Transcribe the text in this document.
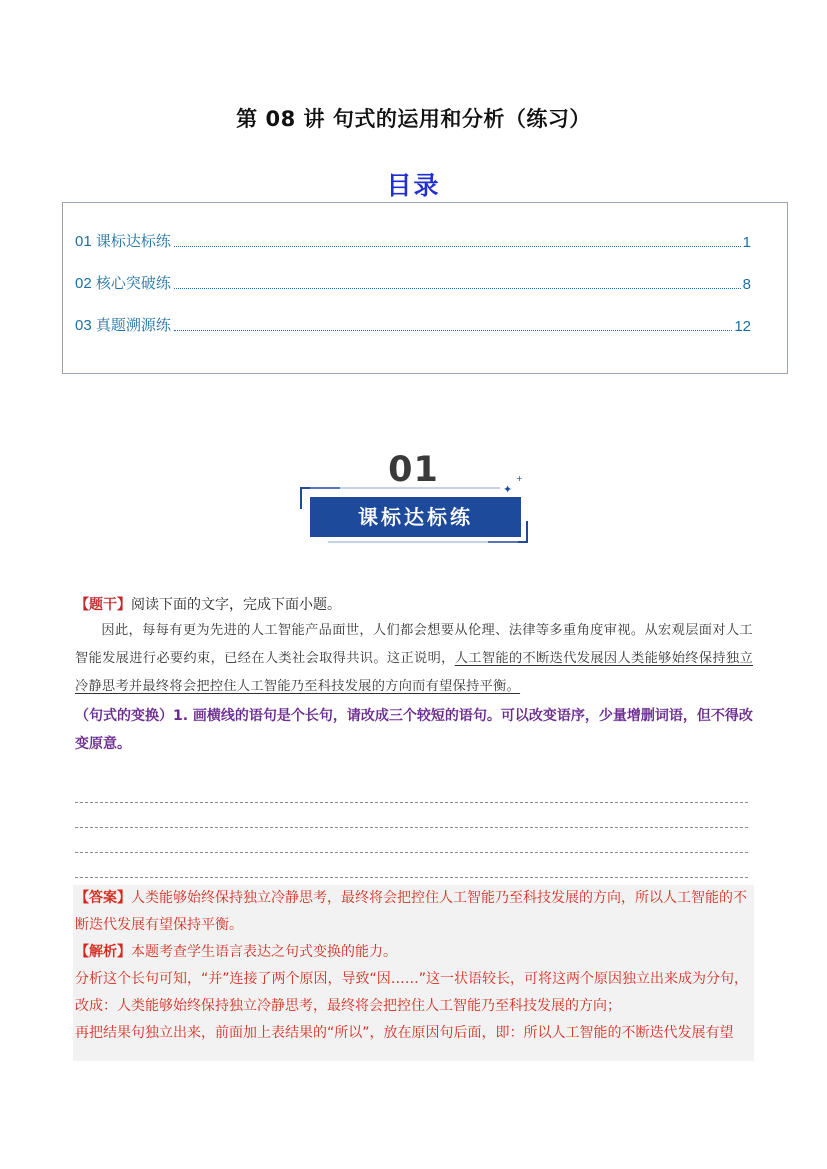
第 08 讲 句式的运用和分析（练习）
目录
01 课标达标练	1
02 核心突破练	8
03 真题溯源练	12
01
课标达标练
✦
+
【题干】阅读下面的文字，完成下面小题。
因此，每每有更为先进的人工智能产品面世，人们都会想要从伦理、法律等多重角度审视。从宏观层面对人工智能发展进行必要约束，已经在人类社会取得共识。这正说明，人工智能的不断迭代发展因人类能够始终保持独立冷静思考并最终将会把控住人工智能乃至科技发展的方向而有望保持平衡。
（句式的变换）1. 画横线的语句是个长句，请改成三个较短的语句。可以改变语序，少量增删词语，但不得改变原意。

【答案】人类能够始终保持独立冷静思考，最终将会把控住人工智能乃至科技发展的方向，所以人工智能的不断迭代发展有望保持平衡。

【解析】本题考查学生语言表达之句式变换的能力。

分析这个长句可知，“并”连接了两个原因，导致“因……”这一状语较长，可将这两个原因独立出来成为分句，

改成：人类能够始终保持独立冷静思考，最终将会把控住人工智能乃至科技发展的方向；

再把结果句独立出来，前面加上表结果的“所以”，放在原因句后面，即：所以人工智能的不断迭代发展有望
